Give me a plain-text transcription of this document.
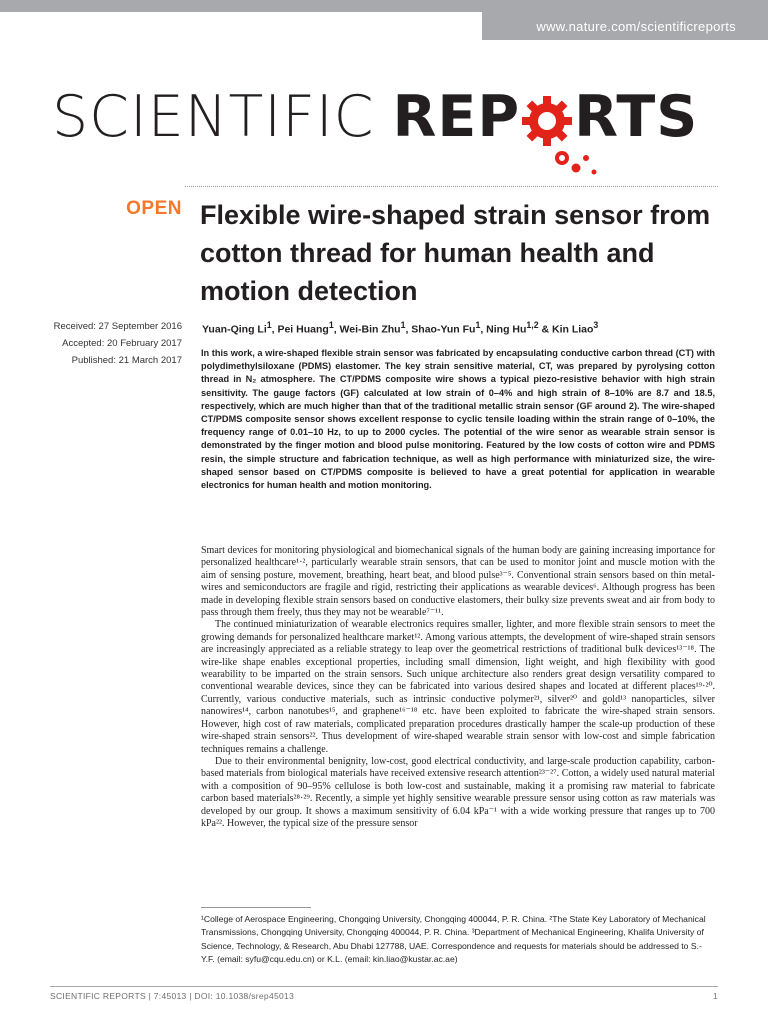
www.nature.com/scientificreports
SCIENTIFIC REP RTS
OPEN Flexible wire-shaped strain sensor from cotton thread for human health and motion detection
Received: 27 September 2016
Accepted: 20 February 2017
Published: 21 March 2017
Yuan-Qing Li$^1$, Pei Huang$^1$, Wei-Bin Zhu$^1$, Shao-Yun Fu$^1$, Ning Hu$^{1,2}$ & Kin Liao$^3$

In this work, a wire-shaped flexible strain sensor was fabricated by encapsulating conductive carbon thread (CT) with polydimethylsiloxane (PDMS) elastomer. The key strain sensitive material, CT, was prepared by pyrolysing cotton thread in N₂ atmosphere. The CT/PDMS composite wire shows a typical piezo-resistive behavior with high strain sensitivity. The gauge factors (GF) calculated at low strain of 0–4% and high strain of 8–10% are 8.7 and 18.5, respectively, which are much higher than that of the traditional metallic strain sensor (GF around 2). The wire-shaped CT/PDMS composite sensor shows excellent response to cyclic tensile loading within the strain range of 0–10%, the frequency range of 0.01–10 Hz, to up to 2000 cycles. The potential of the wire senor as wearable strain sensor is demonstrated by the finger motion and blood pulse monitoring. Featured by the low costs of cotton wire and PDMS resin, the simple structure and fabrication technique, as well as high performance with miniaturized size, the wire-shaped sensor based on CT/PDMS composite is believed to have a great potential for application in wearable electronics for human health and motion monitoring.

Smart devices for monitoring physiological and biomechanical signals of the human body are gaining increasing importance for personalized healthcare¹·², particularly wearable strain sensors, that can be used to monitor joint and muscle motion with the aim of sensing posture, movement, breathing, heart beat, and blood pulse³⁻⁵. Conventional strain sensors based on thin metal-wires and semiconductors are fragile and rigid, restricting their applications as wearable devices⁶. Although progress has been made in developing flexible strain sensors based on conductive elastomers, their bulky size prevents sweat and air from body to pass through them freely, thus they may not be wearable⁷⁻¹¹.

The continued miniaturization of wearable electronics requires smaller, lighter, and more flexible strain sensors to meet the growing demands for personalized healthcare market¹². Among various attempts, the development of wire-shaped strain sensors are increasingly appreciated as a reliable strategy to leap over the geometrical restrictions of traditional bulk devices¹³⁻¹⁸. The wire-like shape enables exceptional properties, including small dimension, light weight, and high flexibility with good wearability to be imparted on the strain sensors. Such unique architecture also renders great design versatility compared to conventional wearable devices, since they can be fabricated into various desired shapes and located at different places¹⁹·²⁰. Currently, various conductive materials, such as intrinsic conductive polymer²¹, silver²⁰ and gold¹³ nanoparticles, silver nanowires¹⁴, carbon nanotubes¹⁵, and graphene¹⁶⁻¹⁸ etc. have been exploited to fabricate the wire-shaped strain sensors. However, high cost of raw materials, complicated preparation procedures drastically hamper the scale-up production of these wire-shaped strain sensors²². Thus development of wire-shaped wearable strain sensor with low-cost and simple fabrication techniques remains a challenge.

Due to their environmental benignity, low-cost, good electrical conductivity, and large-scale production capability, carbon-based materials from biological materials have received extensive research attention²³⁻²⁷. Cotton, a widely used natural material with a composition of 90–95% cellulose is both low-cost and sustainable, making it a promising raw material to fabricate carbon based materials²⁸·²⁹. Recently, a simple yet highly sensitive wearable pressure sensor using cotton as raw materials was developed by our group. It shows a maximum sensitivity of 6.04 kPa⁻¹ with a wide working pressure that ranges up to 700 kPa²². However, the typical size of the pressure sensor

¹College of Aerospace Engineering, Chongqing University, Chongqing 400044, P. R. China. ²The State Key Laboratory of Mechanical Transmissions, Chongqing University, Chongqing 400044, P. R. China. ³Department of Mechanical Engineering, Khalifa University of Science, Technology, & Research, Abu Dhabi 127788, UAE. Correspondence and requests for materials should be addressed to S.-Y.F. (email: syfu@cqu.edu.cn) or K.L. (email: kin.liao@kustar.ac.ae)

SCIENTIFIC REPORTS | 7:45013 | DOI: 10.1038/srep45013	1
